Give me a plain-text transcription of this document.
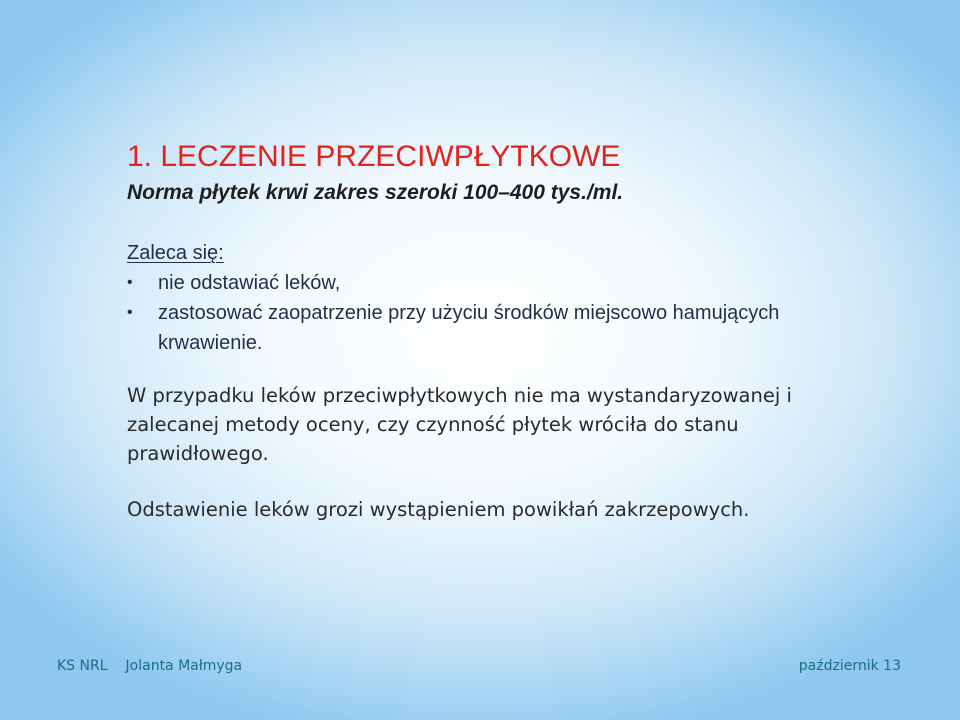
1. LECZENIE PRZECIWPŁYTKOWE

Norma płytek krwi zakres szeroki 100–400 tys./ml.

Zaleca się:
• nie odstawiać leków,
• zastosować zaopatrzenie przy użyciu środków miejscowo hamujących krwawienie.

W przypadku leków przeciwpłytkowych nie ma wystandaryzowanej i zalecanej metody oceny, czy czynność płytek wróciła do stanu prawidłowego.

Odstawienie leków grozi wystąpieniem powikłań zakrzepowych.

KS NRL Jolanta Małmyga	październik 13
